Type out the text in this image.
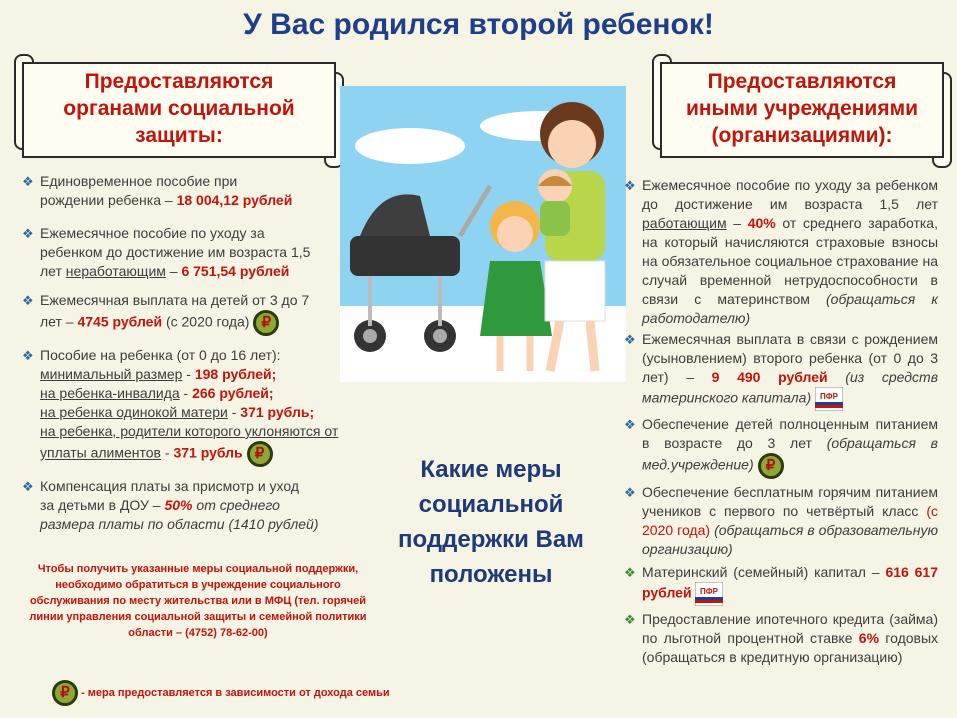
У Вас родился второй ребенок!
Предоставляются
органами социальной
защиты:
Предоставляются
иными учреждениями
(организациями):
❖ Единовременное пособие при
рождении ребенка – 18 004,12 рублей
❖ Ежемесячное пособие по уходу за
ребенком до достижение им возраста 1,5
лет неработающим – 6 751,54 рублей
❖ Ежемесячная выплата на детей от 3 до 7
лет – 4745 рублей (с 2020 года) ₽
❖ Пособие на ребенка (от 0 до 16 лет):
минимальный размер - 198 рублей;
на ребенка-инвалида - 266 рублей;
на ребенка одинокой матери - 371 рубль;
на ребенка, родители которого уклоняются от
уплаты алиментов - 371 рубль ₽
❖ Компенсация платы за присмотр и уход
за детьми в ДОУ – 50% от среднего
размера платы по области (1410 рублей)
Какие меры социальной поддержки Вам положены
Чтобы получить указанные меры социальной поддержки, необходимо обратиться в учреждение социального обслуживания по месту жительства или в МФЦ (тел. горячей линии управления социальной защиты и семейной политики области – (4752) 78-62-00)
₽ - мера предоставляется в зависимости от дохода семьи
❖ Ежемесячное пособие по уходу за ребенком до достижение им возраста 1,5 лет работающим – 40% от среднего заработка, на который начисляются страховые взносы на обязательное социальное страхование на случай временной нетрудоспособности в связи с материнством (обращаться к работодателю)
❖ Ежемесячная выплата в связи с рождением (усыновлением) второго ребенка (от 0 до 3 лет) – 9 490 рублей (из средств материнского капитала) ПФР
❖ Обеспечение детей полноценным питанием в возрасте до 3 лет (обращаться в мед.учреждение) ₽
❖ Обеспечение бесплатным горячим питанием учеников с первого по четвёртый класс (с 2020 года) (обращаться в образовательную организацию)
❖ Материнский (семейный) капитал – 616 617 рублей ПФР
❖ Предоставление ипотечного кредита (займа) по льготной процентной ставке 6% годовых (обращаться в кредитную организацию)
